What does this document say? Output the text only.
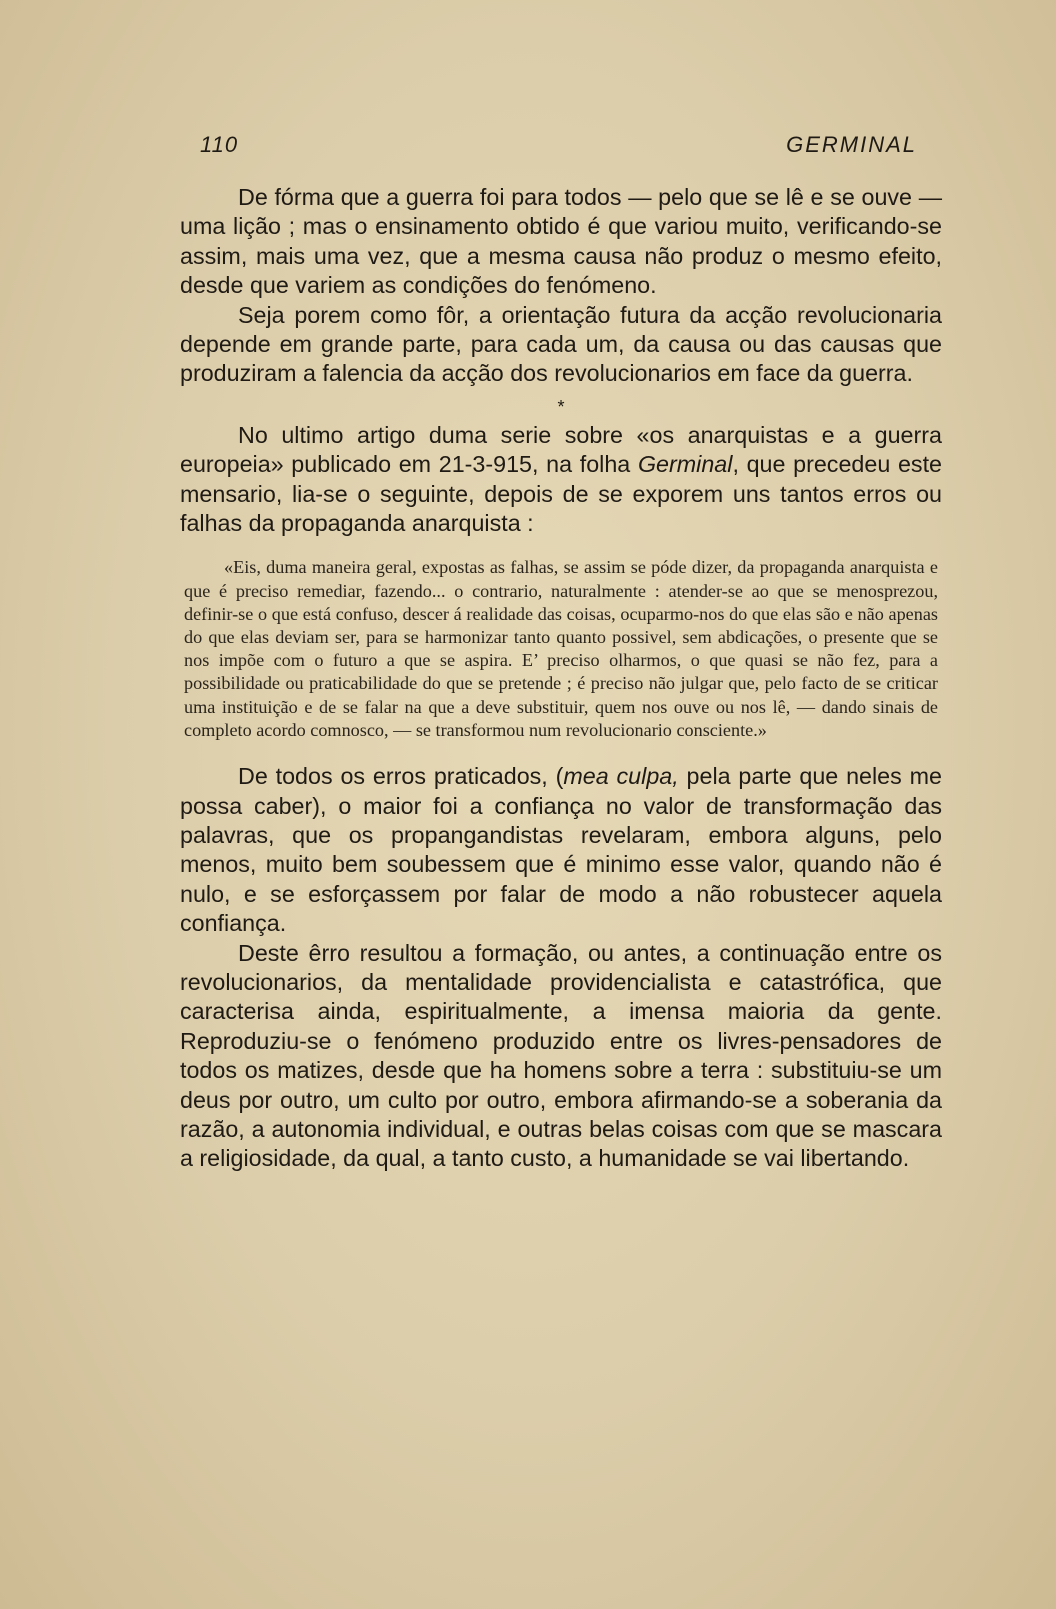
110	GERMINAL

De fórma que a guerra foi para todos — pelo que se lê e se ouve — uma lição ; mas o ensinamento obtido é que variou muito, verificando-se assim, mais uma vez, que a mesma causa não produz o mesmo efeito, desde que variem as condições do fenómeno.

Seja porem como fôr, a orientação futura da acção revolucionaria depende em grande parte, para cada um, da causa ou das causas que produziram a falencia da acção dos revolucionarios em face da guerra.

*

No ultimo artigo duma serie sobre «os anarquistas e a guerra europeia» publicado em 21-3-915, na folha Germinal, que precedeu este mensario, lia-se o seguinte, depois de se exporem uns tantos erros ou falhas da propaganda anarquista :

«Eis, duma maneira geral, expostas as falhas, se assim se póde dizer, da propaganda anarquista e que é preciso remediar, fazendo... o contrario, naturalmente : atender-se ao que se menosprezou, definir-se o que está confuso, descer á realidade das coisas, ocuparmo-nos do que elas são e não apenas do que elas deviam ser, para se harmonizar tanto quanto possivel, sem abdicações, o presente que se nos impõe com o futuro a que se aspira. E’ preciso olharmos, o que quasi se não fez, para a possibilidade ou praticabilidade do que se pretende ; é preciso não julgar que, pelo facto de se criticar uma instituição e de se falar na que a deve substituir, quem nos ouve ou nos lê, — dando sinais de completo acordo comnosco, — se transformou num revolucionario consciente.»

De todos os erros praticados, (mea culpa, pela parte que neles me possa caber), o maior foi a confiança no valor de transformação das palavras, que os propangandistas revelaram, embora alguns, pelo menos, muito bem soubessem que é minimo esse valor, quando não é nulo, e se esforçassem por falar de modo a não robustecer aquela confiança.

Deste êrro resultou a formação, ou antes, a continuação entre os revolucionarios, da mentalidade providencialista e catastrófica, que caracterisa ainda, espiritualmente, a imensa maioria da gente. Reproduziu-se o fenómeno produzido entre os livres-pensadores de todos os matizes, desde que ha homens sobre a terra : substituiu-se um deus por outro, um culto por outro, embora afirmando-se a soberania da razão, a autonomia individual, e outras belas coisas com que se mascara a religiosidade, da qual, a tanto custo, a humanidade se vai libertando.
